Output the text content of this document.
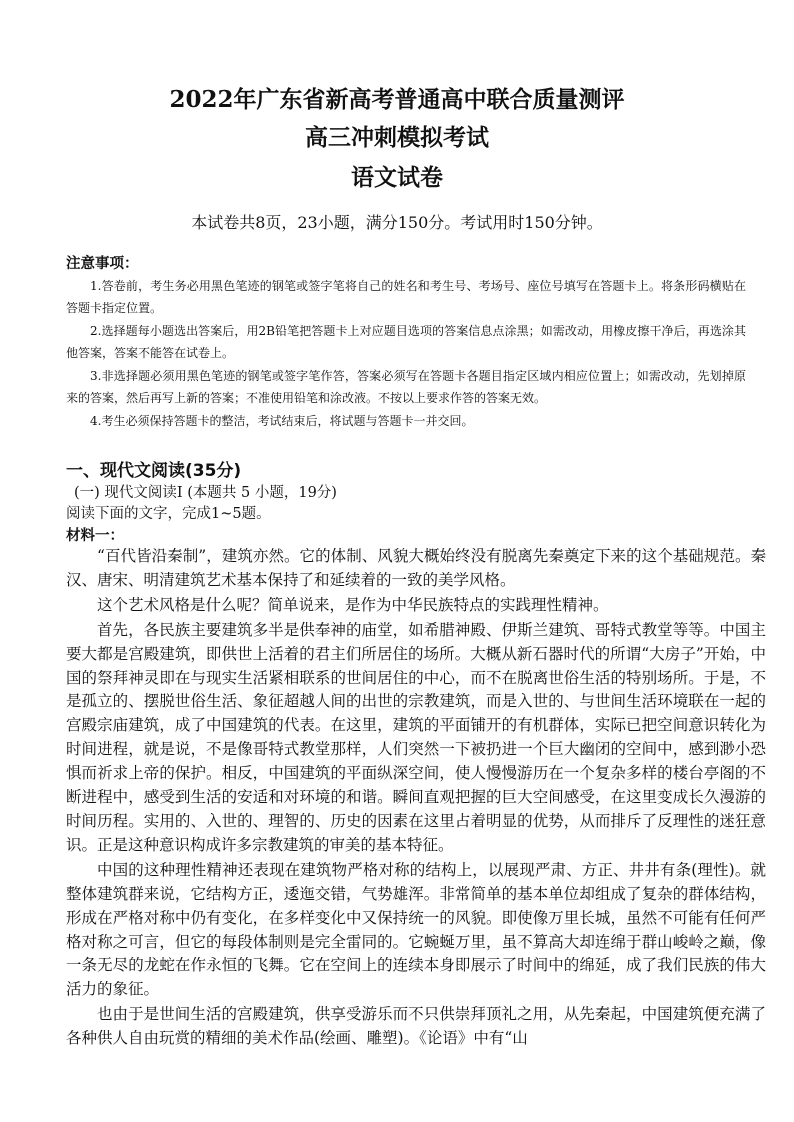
2022年广东省新高考普通高中联合质量测评

高三冲刺模拟考试

语文试卷

本试卷共8页，23小题，满分150分。考试用时150分钟。

注意事项：

1.答卷前，考生务必用黑色笔迹的钢笔或签字笔将自己的姓名和考生号、考场号、座位号填写在答题卡上。将条形码横贴在答题卡指定位置。

2.选择题每小题选出答案后，用2B铅笔把答题卡上对应题目选项的答案信息点涂黑；如需改动，用橡皮擦干净后，再选涂其他答案，答案不能答在试卷上。

3.非选择题必须用黑色笔迹的钢笔或签字笔作答，答案必须写在答题卡各题目指定区域内相应位置上；如需改动，先划掉原来的答案，然后再写上新的答案；不准使用铅笔和涂改液。不按以上要求作答的答案无效。

4.考生必须保持答题卡的整洁，考试结束后，将试题与答题卡一并交回。

一、现代文阅读(35分)

(一) 现代文阅读Ⅰ (本题共 5 小题，19分)

阅读下面的文字，完成1~5题。

材料一：

“百代皆沿秦制”，建筑亦然。它的体制、风貌大概始终没有脱离先秦奠定下来的这个基础规范。秦汉、唐宋、明清建筑艺术基本保持了和延续着的一致的美学风格。

这个艺术风格是什么呢？简单说来，是作为中华民族特点的实践理性精神。

首先，各民族主要建筑多半是供奉神的庙堂，如希腊神殿、伊斯兰建筑、哥特式教堂等等。中国主要大都是宫殿建筑，即供世上活着的君主们所居住的场所。大概从新石器时代的所谓“大房子”开始，中国的祭拜神灵即在与现实生活紧相联系的世间居住的中心，而不在脱离世俗生活的特别场所。于是，不是孤立的、摆脱世俗生活、象征超越人间的出世的宗教建筑，而是入世的、与世间生活环境联在一起的宫殿宗庙建筑，成了中国建筑的代表。在这里，建筑的平面铺开的有机群体，实际已把空间意识转化为时间进程，就是说，不是像哥特式教堂那样，人们突然一下被扔进一个巨大幽闭的空间中，感到渺小恐惧而祈求上帝的保护。相反，中国建筑的平面纵深空间，使人慢慢游历在一个复杂多样的楼台亭阁的不断进程中，感受到生活的安适和对环境的和谐。瞬间直观把握的巨大空间感受，在这里变成长久漫游的时间历程。实用的、入世的、理智的、历史的因素在这里占着明显的优势，从而排斥了反理性的迷狂意识。正是这种意识构成许多宗教建筑的审美的基本特征。

中国的这种理性精神还表现在建筑物严格对称的结构上，以展现严肃、方正、井井有条(理性)。就整体建筑群来说，它结构方正，逶迤交错，气势雄浑。非常简单的基本单位却组成了复杂的群体结构，形成在严格对称中仍有变化，在多样变化中又保持统一的风貌。即使像万里长城，虽然不可能有任何严格对称之可言，但它的每段体制则是完全雷同的。它蜿蜒万里，虽不算高大却连绵于群山峻岭之巅，像一条无尽的龙蛇在作永恒的飞舞。它在空间上的连续本身即展示了时间中的绵延，成了我们民族的伟大活力的象征。

也由于是世间生活的宫殿建筑，供享受游乐而不只供崇拜顶礼之用，从先秦起，中国建筑便充满了各种供人自由玩赏的精细的美术作品(绘画、雕塑)。《论语》中有“山
